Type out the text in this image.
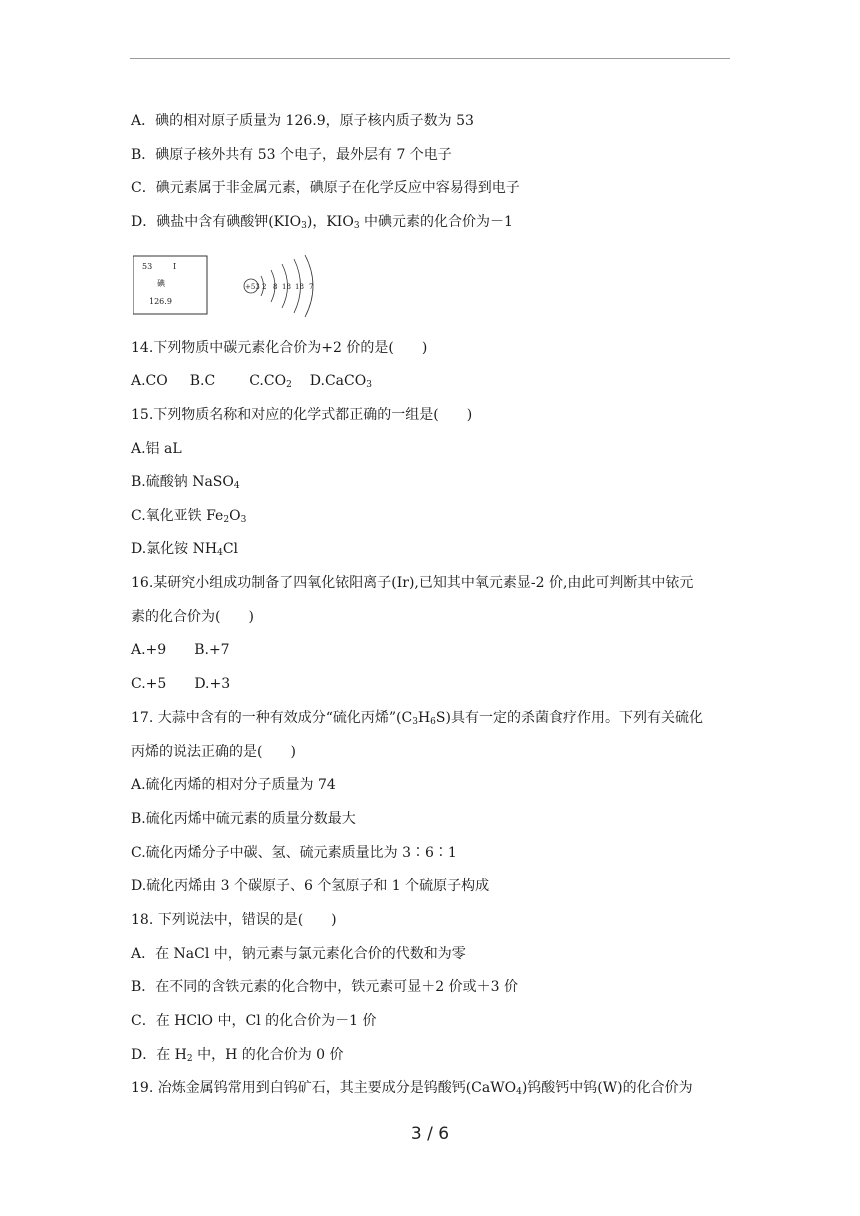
A．碘的相对原子质量为 126.9，原子核内质子数为 53
B．碘原子核外共有 53 个电子，最外层有 7 个电子
C．碘元素属于非金属元素，碘原子在化学反应中容易得到电子
D．碘盐中含有碘酸钾$(KIO_3)$，$KIO_3$ 中碘元素的化合价为－1
53	I
碘
126.9
+53 2 8 18 18 7
14.下列物质中碳元素化合价为+2 价的是(　　)
A.CO B.C $C.CO_2$ D.CaCO$_3$
15.下列物质名称和对应的化学式都正确的一组是(　　)
A.铝 aL
B.硫酸钠 NaSO$_4$
C.氧化亚铁 $Fe_2O_3$
D.氯化铵 $NH_4Cl$
16.某研究小组成功制备了四氧化铱阳离子(Ir),已知其中氧元素显-2 价,由此可判断其中铱元
素的化合价为(　　)
A.+9 B.+7
C.+5 D.+3
17. 大蒜中含有的一种有效成分“硫化丙烯$”(C_3H_6S)$具有一定的杀菌食疗作用。下列有关硫化
丙烯的说法正确的是(　　)
A.硫化丙烯的相对分子质量为 74
B.硫化丙烯中硫元素的质量分数最大
C.硫化丙烯分子中碳、氢、硫元素质量比为 3∶6∶1
D.硫化丙烯由 3 个碳原子、6 个氢原子和 1 个硫原子构成
18. 下列说法中，错误的是(　　)
A．在 NaCl 中，钠元素与氯元素化合价的代数和为零
B．在不同的含铁元素的化合物中，铁元素可显＋2 价或＋3 价
C．在 HClO 中，Cl 的化合价为－1 价
D．在 $H_2$ 中，H 的化合价为 0 价
19. 冶炼金属钨常用到白钨矿石，其主要成分是钨酸钙(CaWO$_4$)钨酸钙中钨(W)的化合价为
3 / 6
